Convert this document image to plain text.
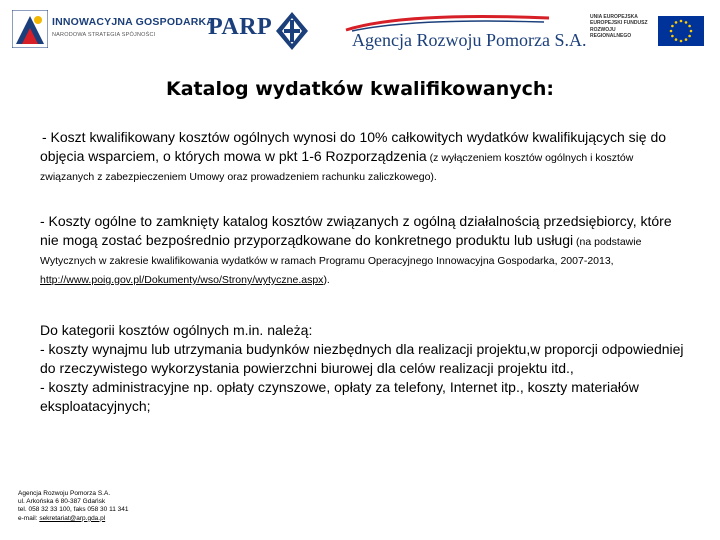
INNOWACYJNA GOSPODARKA
NARODOWA STRATEGIA SPÓJNOŚCI PARP	Agencja Rozwoju Pomorza S.A.
UNIA EUROPEJSKA EUROPEJSKI FUNDUSZ ROZWOJU REGIONALNEGO
Katalog wydatków kwalifikowanych:

- Koszt kwalifikowany kosztów ogólnych wynosi do 10% całkowitych wydatków kwalifikujących się do objęcia wsparciem, o których mowa w pkt 1-6 Rozporządzenia (z wyłączeniem kosztów ogólnych i kosztów związanych z zabezpieczeniem Umowy oraz prowadzeniem rachunku zaliczkowego).

- Koszty ogólne to zamknięty katalog kosztów związanych z ogólną działalnością przedsiębiorcy, które nie mogą zostać bezpośrednio przyporządkowane do konkretnego produktu lub usługi (na podstawie Wytycznych w zakresie kwalifikowania wydatków w ramach Programu Operacyjnego Innowacyjna Gospodarka, 2007-2013,
http://www.poig.gov.pl/Dokumenty/wso/Strony/wytyczne.aspx).

Do kategorii kosztów ogólnych m.in. należą:
- koszty wynajmu lub utrzymania budynków niezbędnych dla realizacji projektu,w proporcji odpowiedniej do rzeczywistego wykorzystania powierzchni biurowej dla celów realizacji projektu itd.,
- koszty administracyjne np. opłaty czynszowe, opłaty za telefony, Internet itp., koszty materiałów eksploatacyjnych;
Agencja Rozwoju Pomorza S.A.
ul. Arkońska 6 80-387 Gdańsk
tel. 058 32 33 100, faks 058 30 11 341
e-mail: sekretariat@arp.gda.pl
